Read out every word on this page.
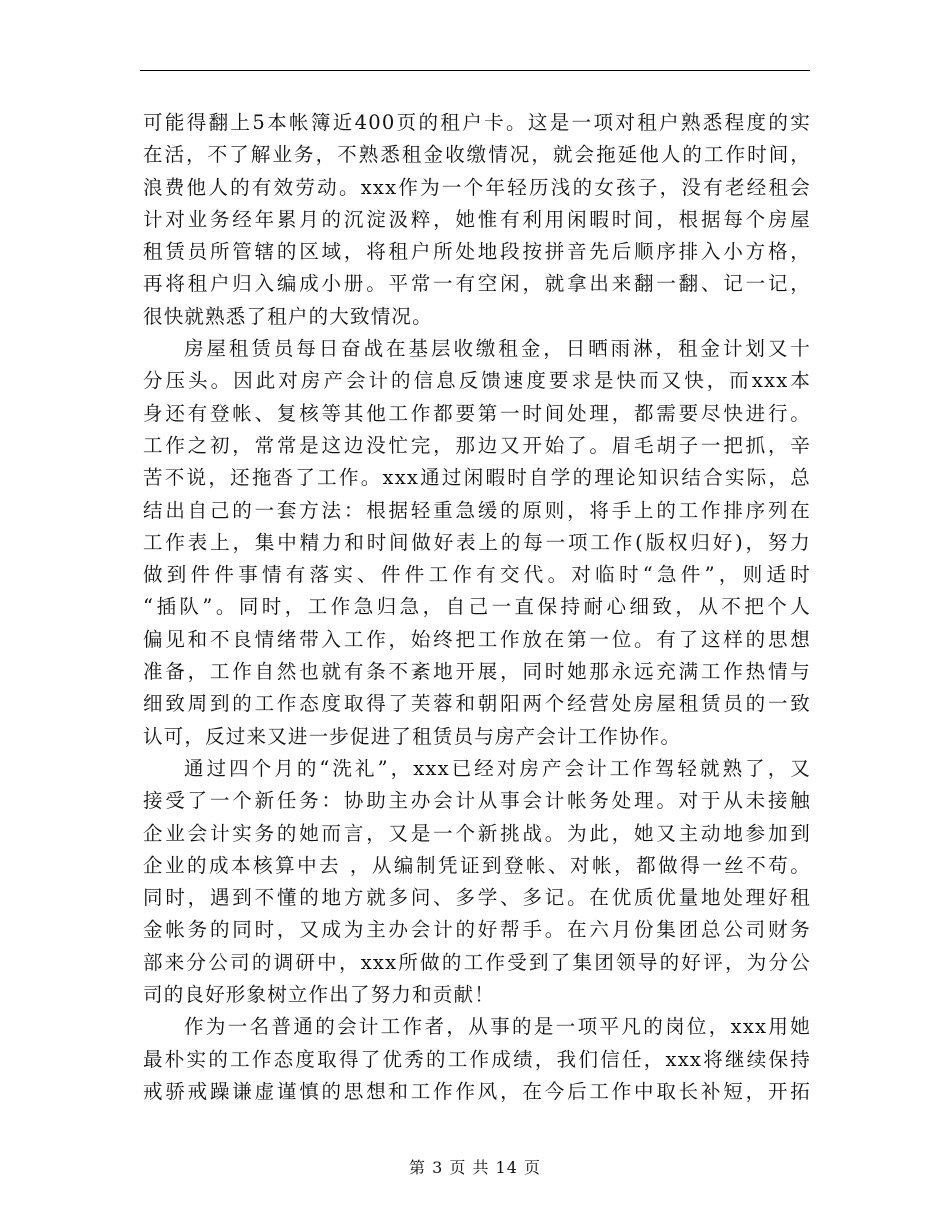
可能得翻上5本帐簿近400页的租户卡。这是一项对租户熟悉程度的实
在活，不了解业务，不熟悉租金收缴情况，就会拖延他人的工作时间，
浪费他人的有效劳动。xxx作为一个年轻历浅的女孩子，没有老经租会
计对业务经年累月的沉淀汲粹，她惟有利用闲暇时间，根据每个房屋
租赁员所管辖的区域，将租户所处地段按拼音先后顺序排入小方格，
再将租户归入编成小册。平常一有空闲，就拿出来翻一翻、记一记，
很快就熟悉了租户的大致情况。
房屋租赁员每日奋战在基层收缴租金，日晒雨淋，租金计划又十
分压头。因此对房产会计的信息反馈速度要求是快而又快，而xxx本
身还有登帐、复核等其他工作都要第一时间处理，都需要尽快进行。
工作之初，常常是这边没忙完，那边又开始了。眉毛胡子一把抓，辛
苦不说，还拖沓了工作。xxx通过闲暇时自学的理论知识结合实际，总
结出自己的一套方法：根据轻重急缓的原则，将手上的工作排序列在
工作表上，集中精力和时间做好表上的每一项工作(版权归好)，努力
做到件件事情有落实、件件工作有交代。对临时“急件”，则适时
“插队”。同时，工作急归急，自己一直保持耐心细致，从不把个人
偏见和不良情绪带入工作，始终把工作放在第一位。有了这样的思想
准备，工作自然也就有条不紊地开展，同时她那永远充满工作热情与
细致周到的工作态度取得了芙蓉和朝阳两个经营处房屋租赁员的一致
认可，反过来又进一步促进了租赁员与房产会计工作协作。
通过四个月的“洗礼”，xxx已经对房产会计工作驾轻就熟了，又
接受了一个新任务：协助主办会计从事会计帐务处理。对于从未接触
企业会计实务的她而言，又是一个新挑战。为此，她又主动地参加到
企业的成本核算中去 ，从编制凭证到登帐、对帐，都做得一丝不苟。
同时，遇到不懂的地方就多问、多学、多记。在优质优量地处理好租
金帐务的同时，又成为主办会计的好帮手。在六月份集团总公司财务
部来分公司的调研中，xxx所做的工作受到了集团领导的好评，为分公
司的良好形象树立作出了努力和贡献！
作为一名普通的会计工作者，从事的是一项平凡的岗位，xxx用她
最朴实的工作态度取得了优秀的工作成绩，我们信任，xxx将继续保持
戒骄戒躁谦虚谨慎的思想和工作作风，在今后工作中取长补短，开拓
第 3 页 共 14 页
